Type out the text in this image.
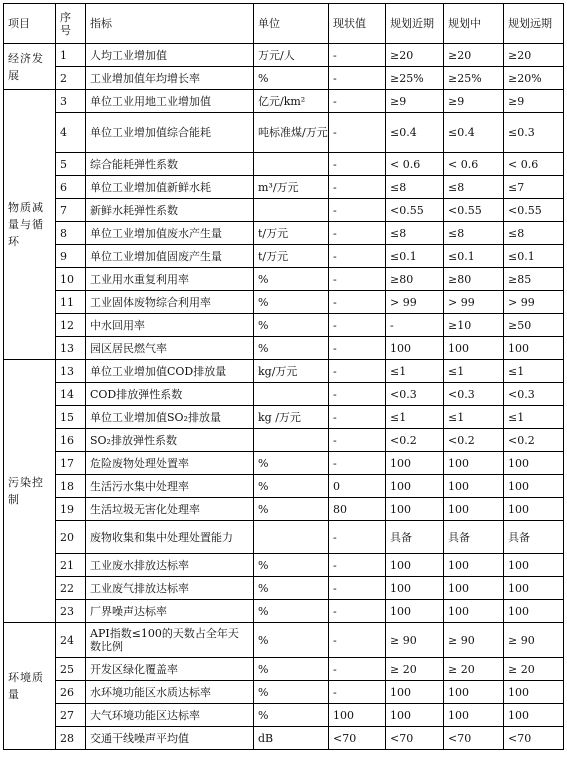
项目	序号	指标	单位	现状值	规划近期	规划中	规划远期
经济发展	1	人均工业增加值	万元/人	-	≥20	≥20	≥20
	2	工业增加值年均增长率	%	-	≥25%	≥25%	≥20%
物质减量与循环	3	单位工业用地工业增加值	亿元/km²	-	≥9	≥9	≥9
	4	单位工业增加值综合能耗	吨标准煤/万元	-	≤0.4	≤0.4	≤0.3
	5	综合能耗弹性系数		-	< 0.6	< 0.6	< 0.6
	6	单位工业增加值新鲜水耗	m³/万元	-	≤8	≤8	≤7
	7	新鲜水耗弹性系数		-	<0.55	<0.55	<0.55
	8	单位工业增加值废水产生量	t/万元	-	≤8	≤8	≤8
	9	单位工业增加值固废产生量	t/万元	-	≤0.1	≤0.1	≤0.1
	10	工业用水重复利用率	%	-	≥80	≥80	≥85
	11	工业固体废物综合利用率	%	-	> 99	> 99	> 99
	12	中水回用率	%	-	-	≥10	≥50
	13	园区居民燃气率	%	-	100	100	100
污染控制	13	单位工业增加值COD排放量	kg/万元	-	≤1	≤1	≤1
	14	COD排放弹性系数		-	<0.3	<0.3	<0.3
	15	单位工业增加值SO₂排放量	kg /万元	-	≤1	≤1	≤1
	16	SO₂排放弹性系数		-	<0.2	<0.2	<0.2
	17	危险废物处理处置率	%	-	100	100	100
	18	生活污水集中处理率	%	0	100	100	100
	19	生活垃圾无害化处理率	%	80	100	100	100
	20	废物收集和集中处理处置能力		-	具备	具备	具备
	21	工业废水排放达标率	%	-	100	100	100
	22	工业废气排放达标率	%	-	100	100	100
	23	厂界噪声达标率	%	-	100	100	100
环境质量	24	API指数≤100的天数占全年天数比例	%	-	≥ 90	≥ 90	≥ 90
	25	开发区绿化覆盖率	%	-	≥ 20	≥ 20	≥ 20
	26	水环境功能区水质达标率	%	-	100	100	100
	27	大气环境功能区达标率	%	100	100	100	100
	28	交通干线噪声平均值	dB	<70	<70	<70	<70
